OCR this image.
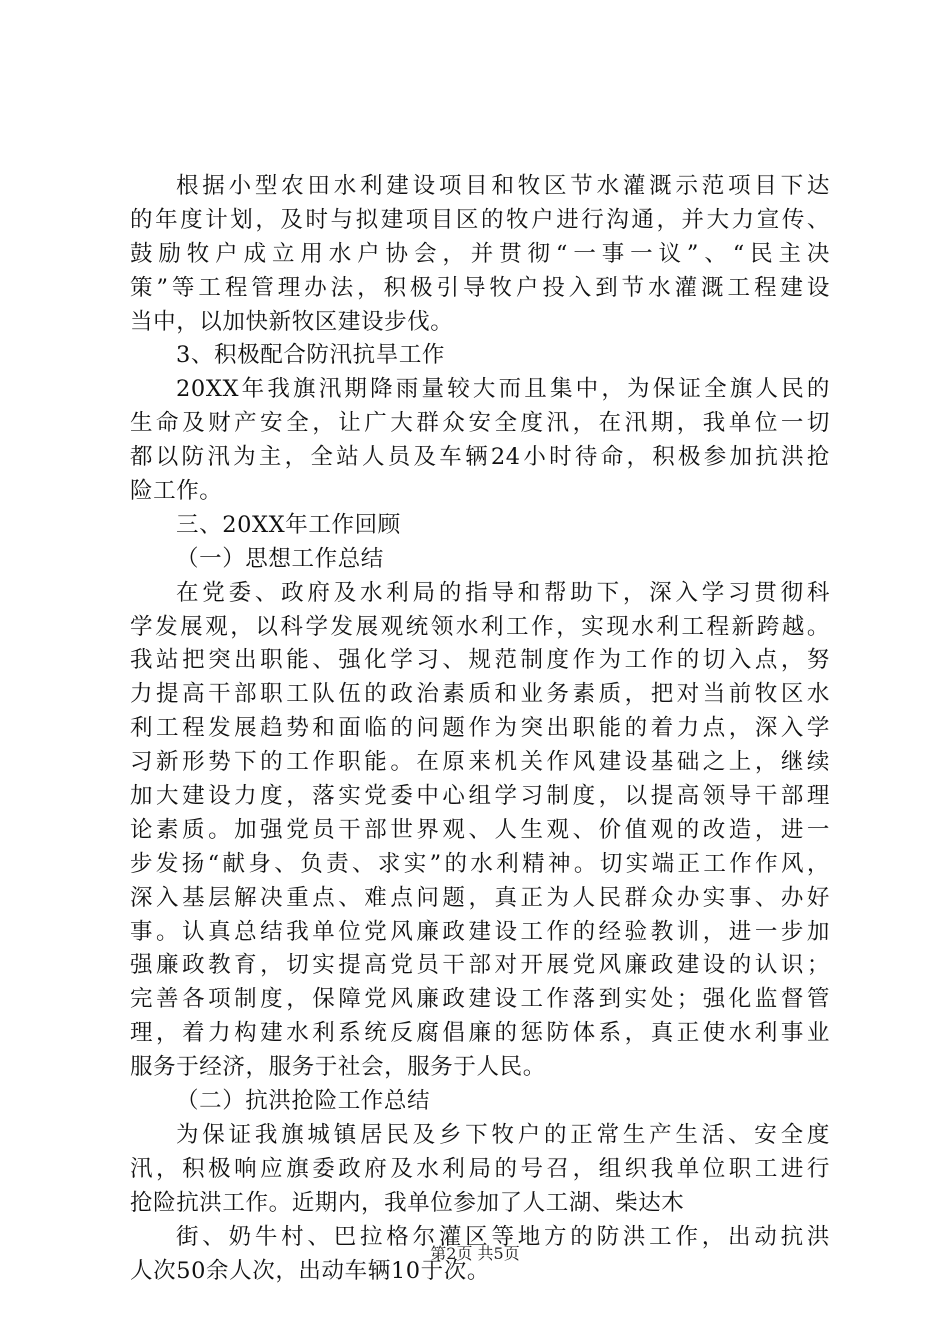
根据小型农田水利建设项目和牧区节水灌溉示范项目下达
的年度计划，及时与拟建项目区的牧户进行沟通，并大力宣传、
鼓励牧户成立用水户协会，并贯彻“一事一议”、“民主决
策”等工程管理办法，积极引导牧户投入到节水灌溉工程建设
当中，以加快新牧区建设步伐。
3、积极配合防汛抗旱工作
20XX年我旗汛期降雨量较大而且集中，为保证全旗人民的
生命及财产安全，让广大群众安全度汛，在汛期，我单位一切
都以防汛为主，全站人员及车辆24小时待命，积极参加抗洪抢
险工作。
三、20XX年工作回顾
（一）思想工作总结
在党委、政府及水利局的指导和帮助下，深入学习贯彻科
学发展观，以科学发展观统领水利工作，实现水利工程新跨越。
我站把突出职能、强化学习、规范制度作为工作的切入点，努
力提高干部职工队伍的政治素质和业务素质，把对当前牧区水
利工程发展趋势和面临的问题作为突出职能的着力点，深入学
习新形势下的工作职能。在原来机关作风建设基础之上，继续
加大建设力度，落实党委中心组学习制度，以提高领导干部理
论素质。加强党员干部世界观、人生观、价值观的改造，进一
步发扬“献身、负责、求实”的水利精神。切实端正工作作风，
深入基层解决重点、难点问题，真正为人民群众办实事、办好
事。认真总结我单位党风廉政建设工作的经验教训，进一步加
强廉政教育，切实提高党员干部对开展党风廉政建设的认识；
完善各项制度，保障党风廉政建设工作落到实处；强化监督管
理，着力构建水利系统反腐倡廉的惩防体系，真正使水利事业
服务于经济，服务于社会，服务于人民。
（二）抗洪抢险工作总结
为保证我旗城镇居民及乡下牧户的正常生产生活、安全度
汛，积极响应旗委政府及水利局的号召，组织我单位职工进行
抢险抗洪工作。近期内，我单位参加了人工湖、柴达木
街、奶牛村、巴拉格尔灌区等地方的防洪工作，出动抗洪
人次50余人次，出动车辆10于次。
第2页 共5页
